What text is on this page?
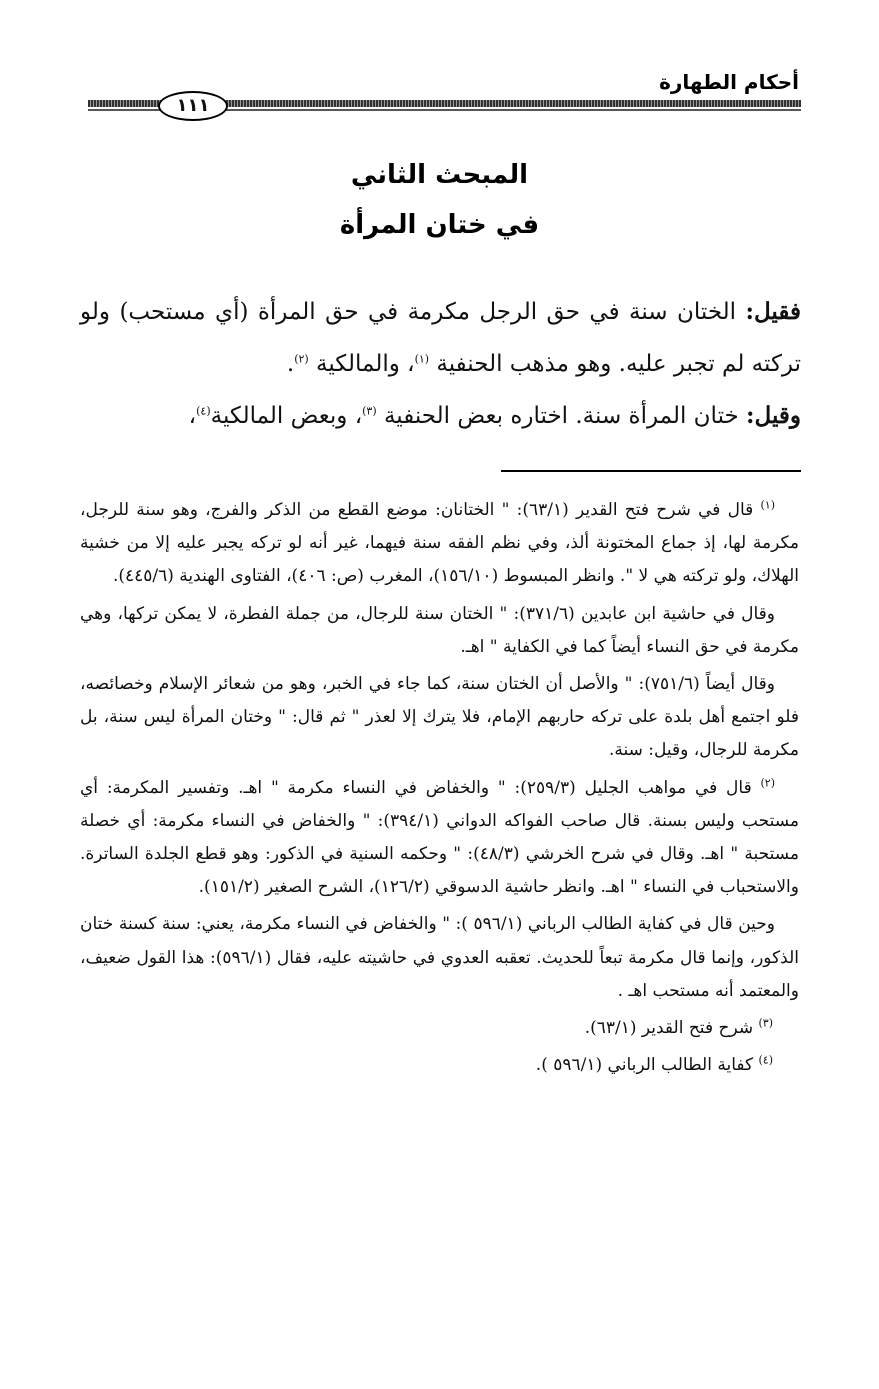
أحكام الطهارة
١١١
المبحث الثاني
في ختان المرأة

فقيل: الختان سنة في حق الرجل مكرمة في حق المرأة (أي مستحب) ولو تركته لم تجبر عليه. وهو مذهب الحنفية $^{(١)}$، والمالكية $^{(٢)}$.

وقيل: ختان المرأة سنة. اختاره بعض الحنفية $^{(٣)}$، وبعض المالكية$^{(٤)}$،

$^{(١)}$ قال في شرح فتح القدير (٦٣/١): " الختانان: موضع القطع من الذكر والفرج، وهو سنة للرجل، مكرمة لها، إذ جماع المختونة ألذ، وفي نظم الفقه سنة فيهما، غير أنه لو تركه يجبر عليه إلا من خشية الهلاك، ولو تركته هي لا ". وانظر المبسوط (١٥٦/١٠)، المغرب (ص: ٤٠٦)، الفتاوى الهندية (٤٤٥/٦).

وقال في حاشية ابن عابدين (٣٧١/٦): " الختان سنة للرجال، من جملة الفطرة، لا يمكن تركها، وهي مكرمة في حق النساء أيضاً كما في الكفاية " اهـ.

وقال أيضاً (٧٥١/٦): " والأصل أن الختان سنة، كما جاء في الخبر، وهو من شعائر الإسلام وخصائصه، فلو اجتمع أهل بلدة على تركه حاربهم الإمام، فلا يترك إلا لعذر " ثم قال: " وختان المرأة ليس سنة، بل مكرمة للرجال، وقيل: سنة.

$^{(٢)}$ قال في مواهب الجليل (٢٥٩/٣): " والخفاض في النساء مكرمة " اهـ. وتفسير المكرمة: أي مستحب وليس بسنة. قال صاحب الفواكه الدواني (٣٩٤/١): " والخفاض في النساء مكرمة: أي خصلة مستحبة " اهـ. وقال في شرح الخرشي (٤٨/٣): " وحكمه السنية في الذكور: وهو قطع الجلدة الساترة. والاستحباب في النساء " اهـ. وانظر حاشية الدسوقي (١٢٦/٢)، الشرح الصغير (١٥١/٢).

وحين قال في كفاية الطالب الرباني (٥٩٦/١ ): " والخفاض في النساء مكرمة، يعني: سنة كسنة ختان الذكور، وإنما قال مكرمة تبعاً للحديث. تعقبه العدوي في حاشيته عليه، فقال (٥٩٦/١): هذا القول ضعيف، والمعتمد أنه مستحب اهـ .

$^{(٣)}$ شرح فتح القدير (٦٣/١).

$^{(٤)}$ كفاية الطالب الرباني (٥٩٦/١ ).
